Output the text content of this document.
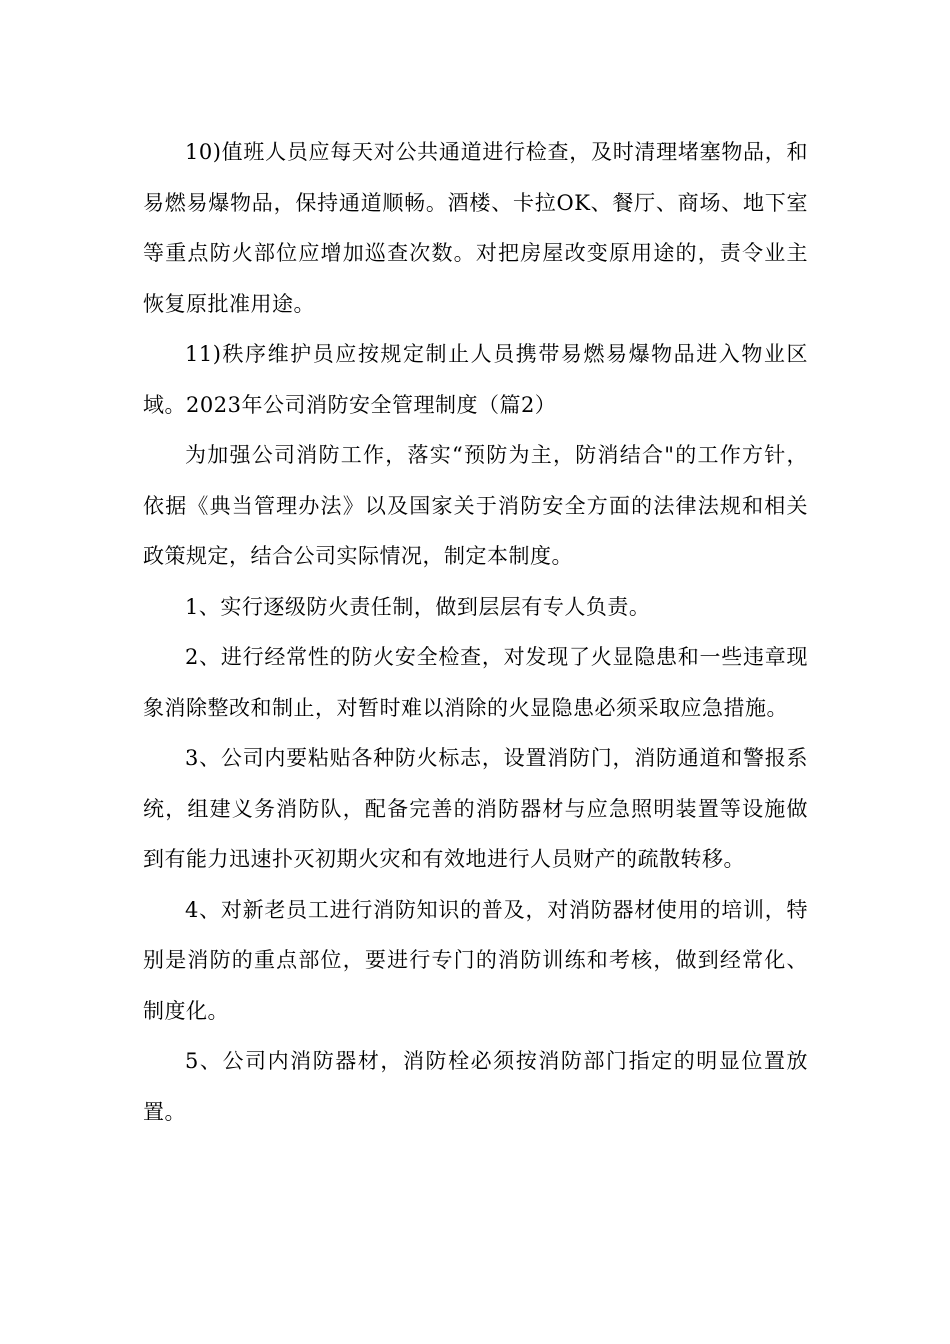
10)值班人员应每天对公共通道进行检查，及时清理堵塞物品，和易燃易爆物品，保持通道顺畅。酒楼、卡拉OK、餐厅、商场、地下室等重点防火部位应增加巡查次数。对把房屋改变原用途的，责令业主恢复原批准用途。

11)秩序维护员应按规定制止人员携带易燃易爆物品进入物业区域。2023年公司消防安全管理制度（篇2）

为加强公司消防工作，落实“预防为主，防消结合"的工作方针，依据《典当管理办法》以及国家关于消防安全方面的法律法规和相关政策规定，结合公司实际情况，制定本制度。

1、实行逐级防火责任制，做到层层有专人负责。

2、进行经常性的防火安全检查，对发现了火显隐患和一些违章现象消除整改和制止，对暂时难以消除的火显隐患必须采取应急措施。

3、公司内要粘贴各种防火标志，设置消防门，消防通道和警报系统，组建义务消防队，配备完善的消防器材与应急照明装置等设施做到有能力迅速扑灭初期火灾和有效地进行人员财产的疏散转移。

4、对新老员工进行消防知识的普及，对消防器材使用的培训，特别是消防的重点部位，要进行专门的消防训练和考核，做到经常化、制度化。

5、公司内消防器材，消防栓必须按消防部门指定的明显位置放置。
